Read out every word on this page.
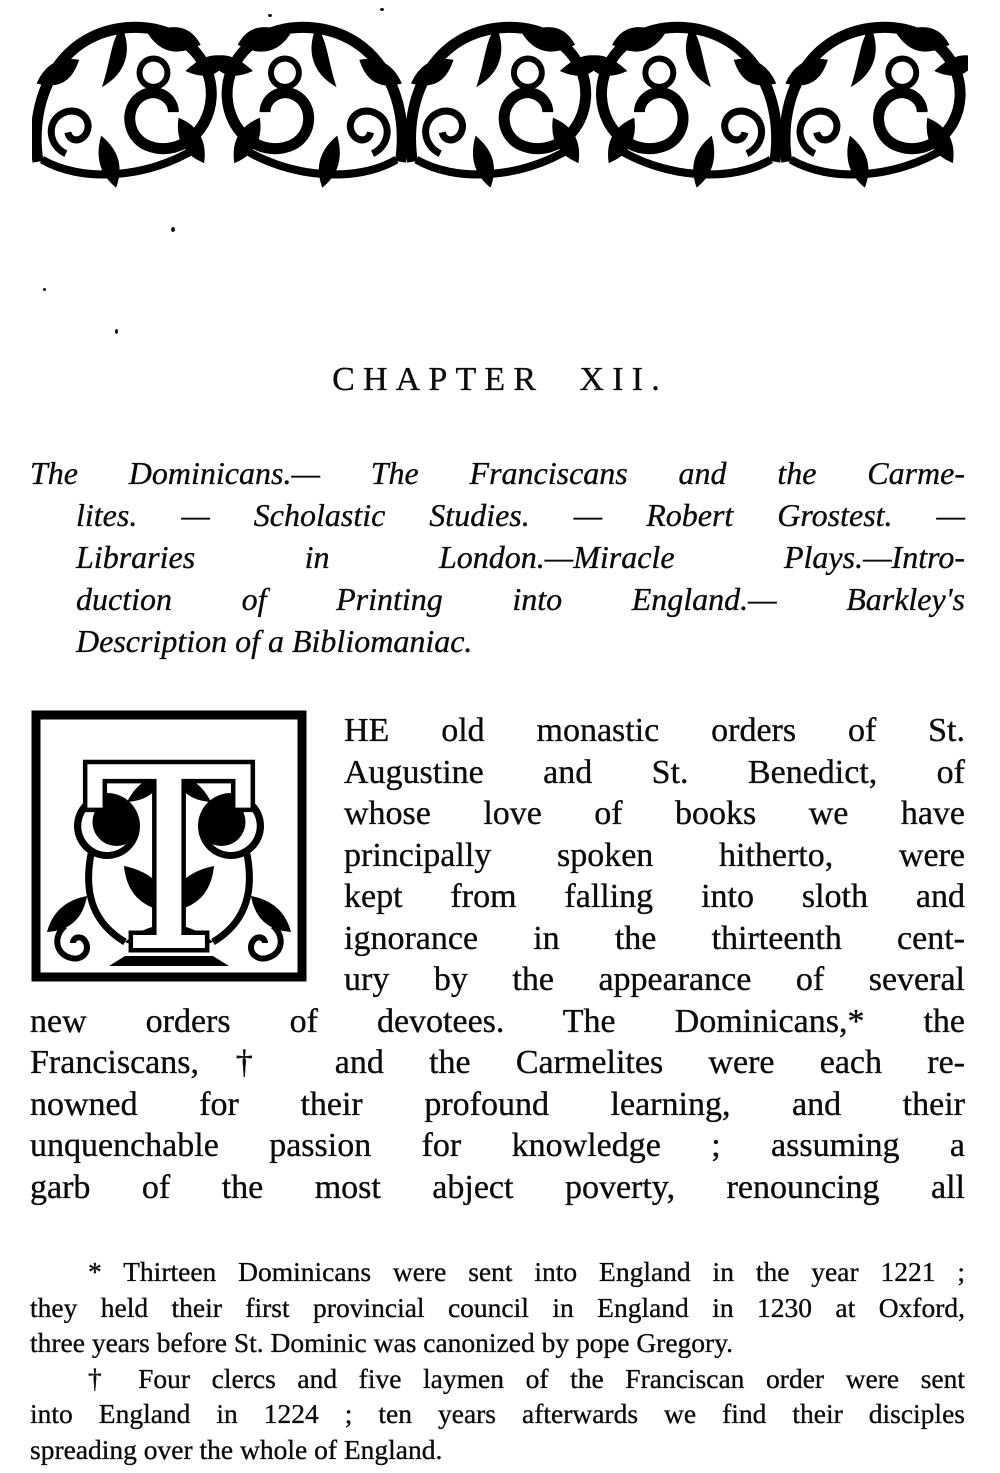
CHAPTER XII.
The Dominicans.— The Franciscans and the Carme-
lites. — Scholastic Studies. — Robert Grostest. —
Libraries in London.—Miracle Plays.—Intro-
duction of Printing into England.— Barkley's
Description of a Bibliomaniac.
T	HE old monastic orders of St.
Augustine and St. Benedict, of
whose love of books we have
principally spoken hitherto, were
kept from falling into sloth and
ignorance in the thirteenth cent-
ury by the appearance of several
new orders of devotees. The Dominicans,* the
Franciscans,† and the Carmelites were each re-
nowned for their profound learning, and their
unquenchable passion for knowledge ; assuming a
garb of the most abject poverty, renouncing all
* Thirteen Dominicans were sent into England in the year 1221 ;
they held their first provincial council in England in 1230 at Oxford,
three years before St. Dominic was canonized by pope Gregory.
† Four clercs and five laymen of the Franciscan order were sent
into England in 1224 ; ten years afterwards we find their disciples
spreading over the whole of England.
